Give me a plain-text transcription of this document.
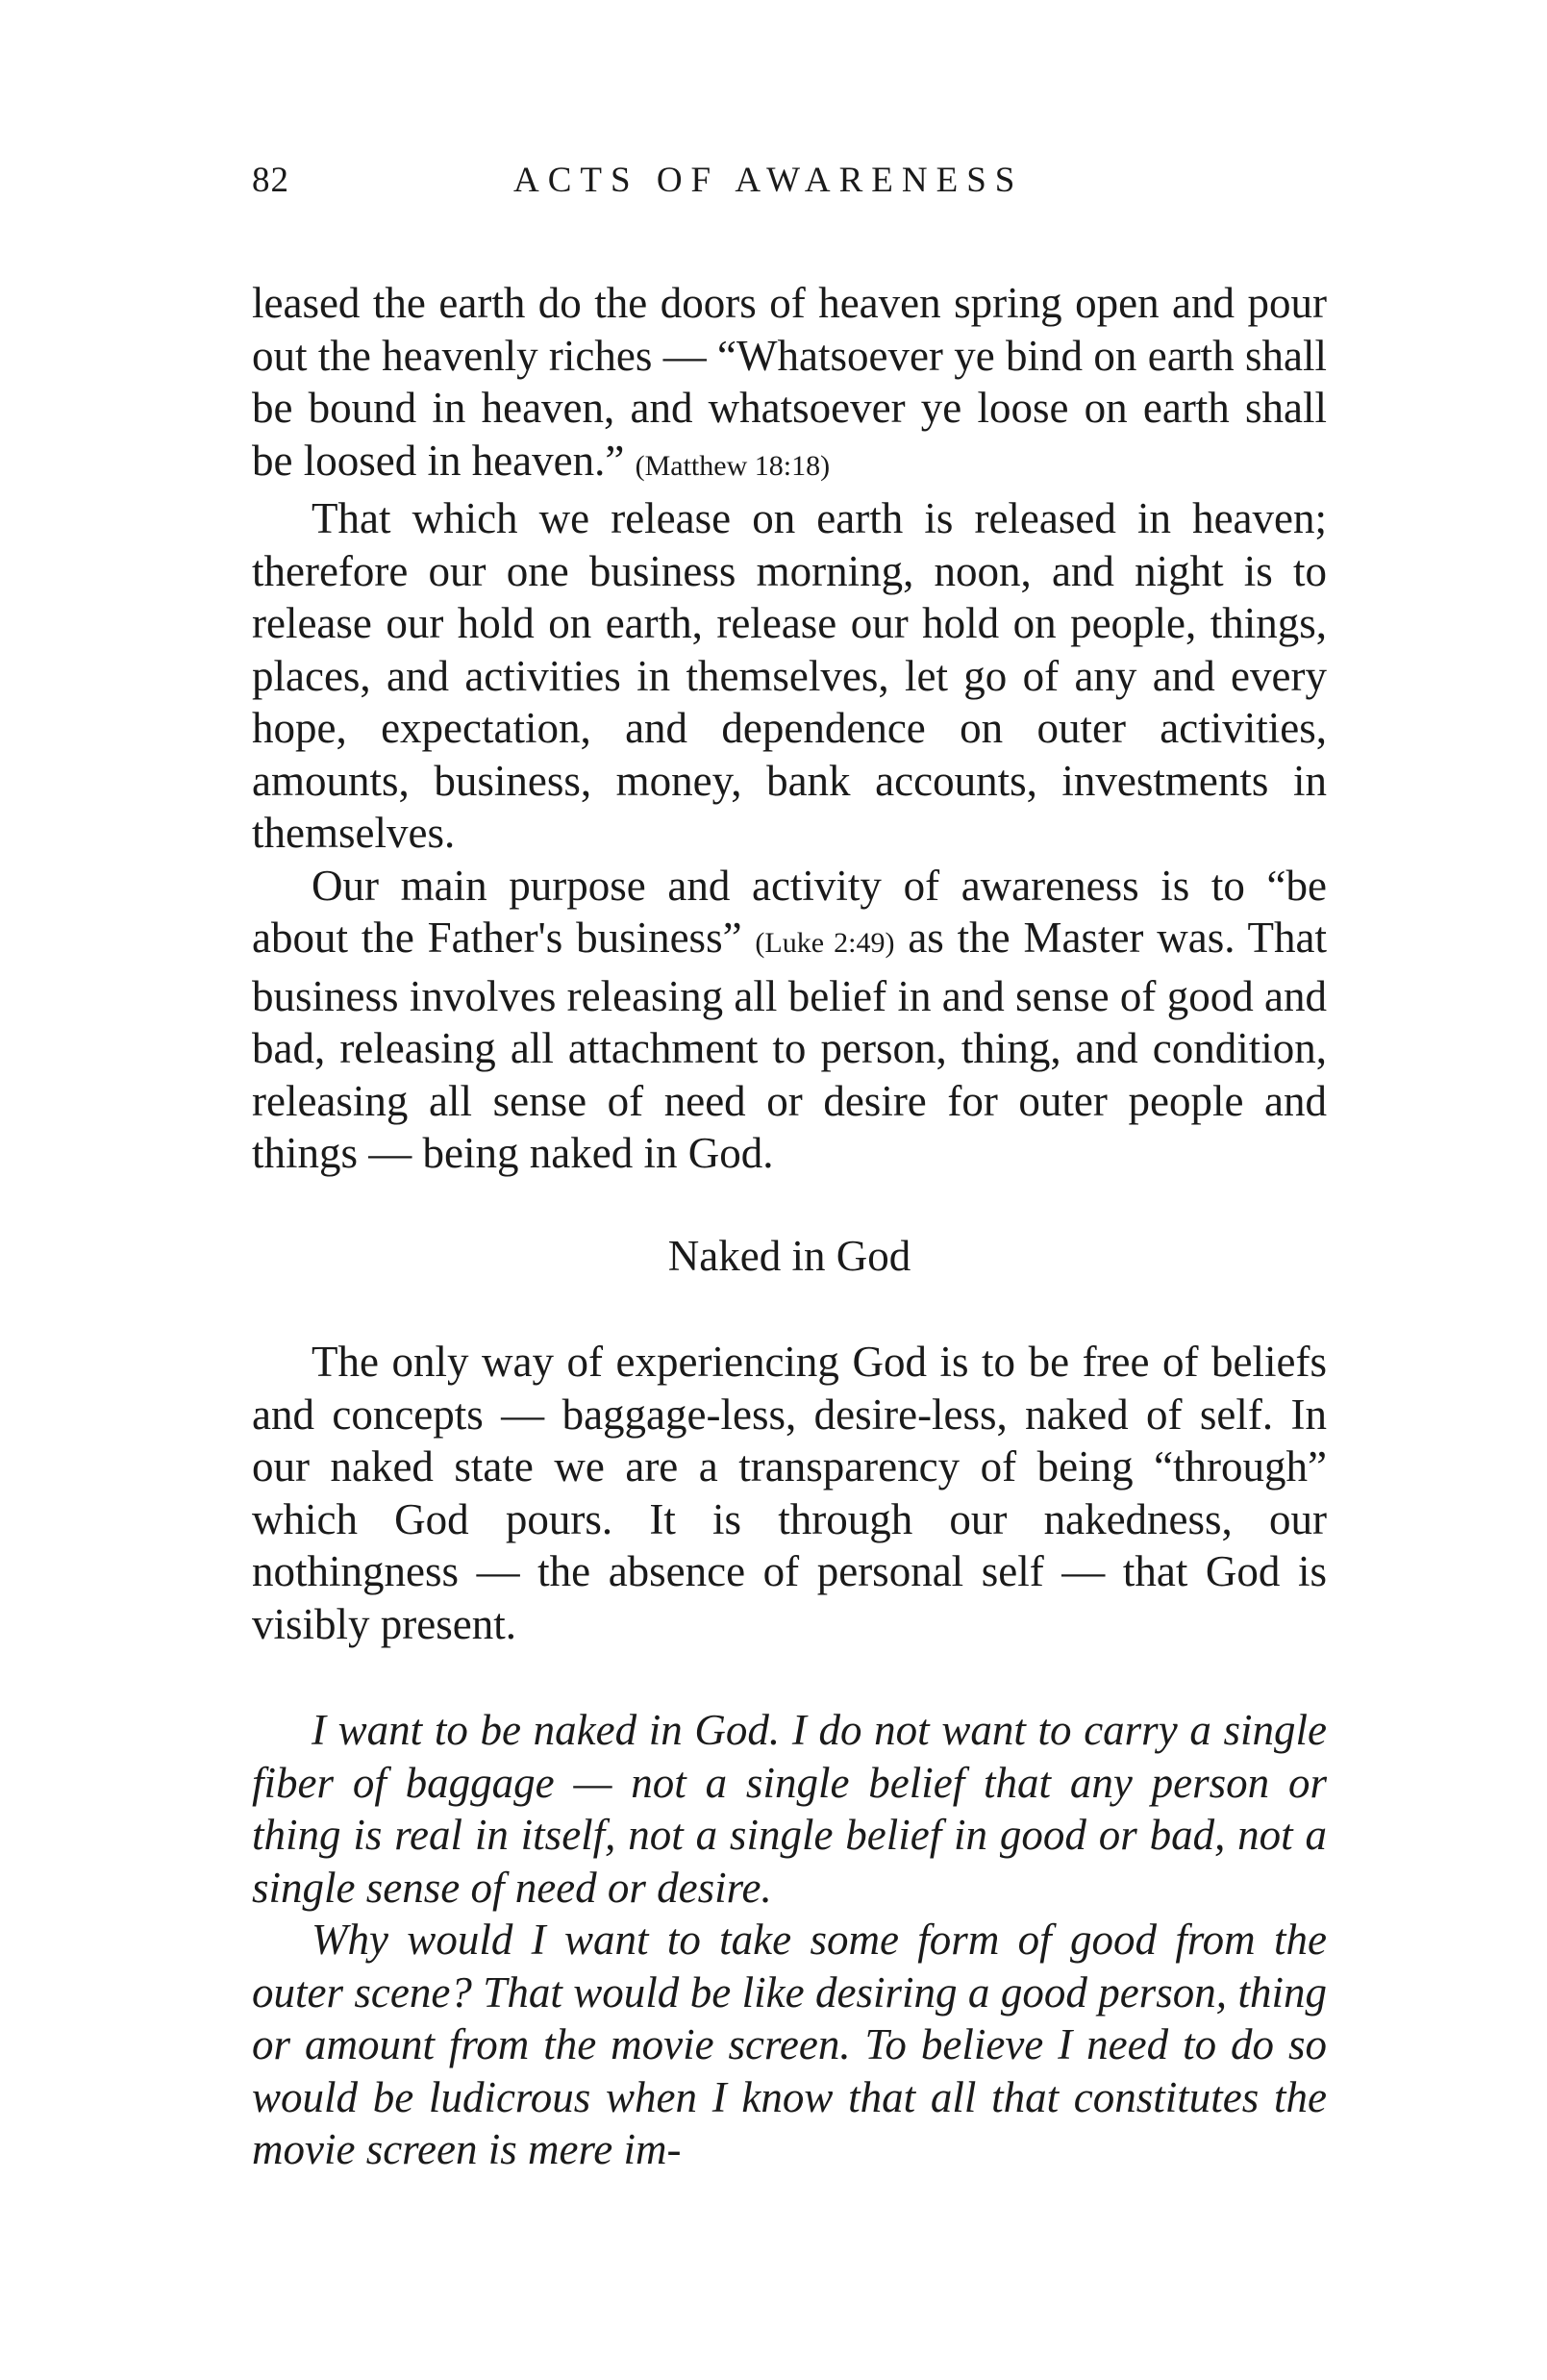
82	ACTS OF AWARENESS

leased the earth do the doors of heaven spring open and pour out the heavenly riches — “Whatsoever ye bind on earth shall be bound in heaven, and whatsoever ye loose on earth shall be loosed in heaven.” (Matthew 18:18)

That which we release on earth is released in heaven; therefore our one business morning, noon, and night is to release our hold on earth, release our hold on people, things, places, and activities in themselves, let go of any and every hope, expectation, and dependence on outer activities, amounts, business, money, bank accounts, investments in themselves.

Our main purpose and activity of awareness is to “be about the Father's business” (Luke 2:49) as the Master was. That business involves releasing all belief in and sense of good and bad, releasing all attachment to person, thing, and condition, releasing all sense of need or desire for outer people and things — being naked in God.

Naked in God

The only way of experiencing God is to be free of beliefs and concepts — baggage-less, desire-less, naked of self. In our naked state we are a transparency of being “through” which God pours. It is through our nakedness, our nothingness — the absence of personal self — that God is visibly present.

I want to be naked in God. I do not want to carry a single fiber of baggage — not a single belief that any person or thing is real in itself, not a single belief in good or bad, not a single sense of need or desire.

Why would I want to take some form of good from the outer scene? That would be like desiring a good person, thing or amount from the movie screen. To believe I need to do so would be ludicrous when I know that all that constitutes the movie screen is mere im-
